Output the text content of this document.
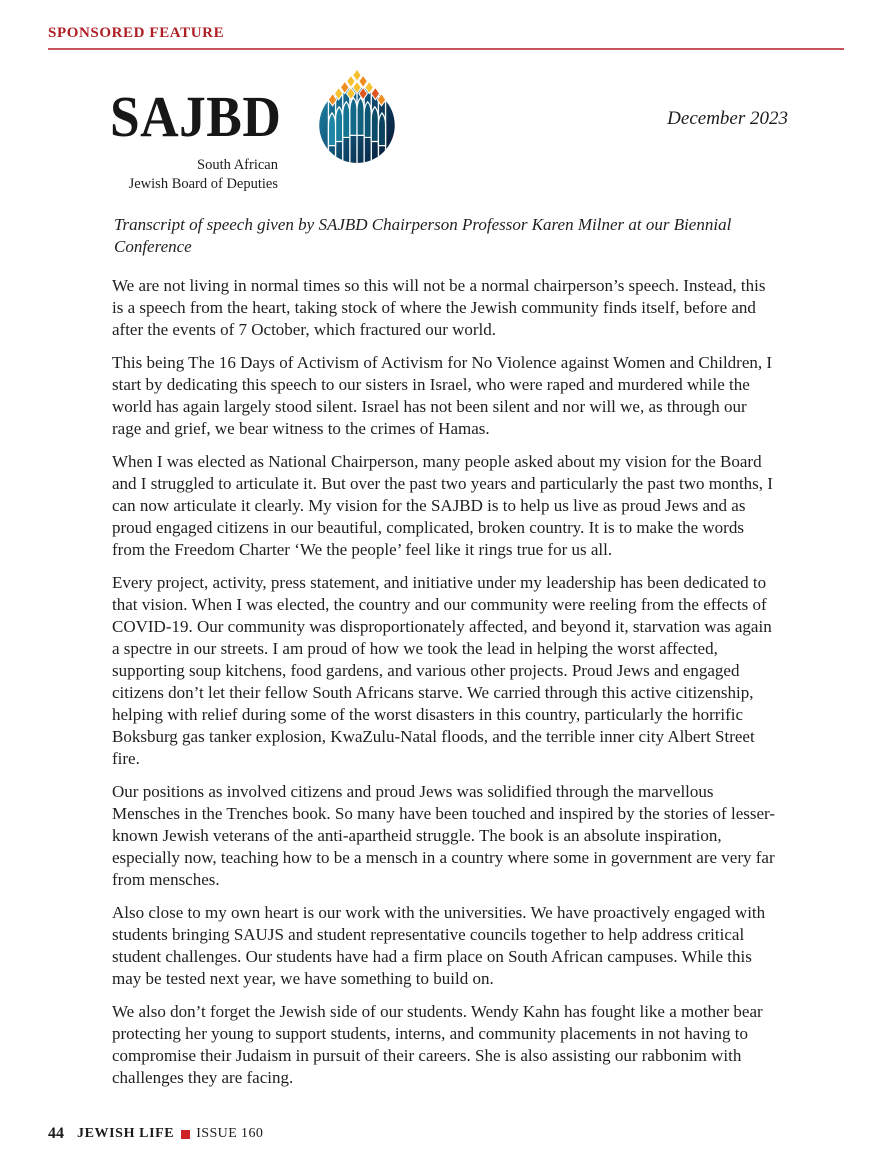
SPONSORED FEATURE
SAJBD
South African
Jewish Board of Deputies
December 2023

Transcript of speech given by SAJBD Chairperson Professor Karen Milner at our Biennial Conference

We are not living in normal times so this will not be a normal chairperson’s speech. Instead, this is a speech from the heart, taking stock of where the Jewish community finds itself, before and after the events of 7 October, which fractured our world.

This being The 16 Days of Activism of Activism for No Violence against Women and Children, I start by dedicating this speech to our sisters in Israel, who were raped and murdered while the world has again largely stood silent. Israel has not been silent and nor will we, as through our rage and grief, we bear witness to the crimes of Hamas.

When I was elected as National Chairperson, many people asked about my vision for the Board and I struggled to articulate it. But over the past two years and particularly the past two months, I can now articulate it clearly. My vision for the SAJBD is to help us live as proud Jews and as proud engaged citizens in our beautiful, complicated, broken country. It is to make the words from the Freedom Charter ‘We the people’ feel like it rings true for us all.

Every project, activity, press statement, and initiative under my leadership has been dedicated to that vision. When I was elected, the country and our community were reeling from the effects of COVID-19. Our community was disproportionately affected, and beyond it, starvation was again a spectre in our streets. I am proud of how we took the lead in helping the worst affected, supporting soup kitchens, food gardens, and various other projects. Proud Jews and engaged citizens don’t let their fellow South Africans starve. We carried through this active citizenship, helping with relief during some of the worst disasters in this country, particularly the horrific Boksburg gas tanker explosion, KwaZulu-Natal floods, and the terrible inner city Albert Street fire.

Our positions as involved citizens and proud Jews was solidified through the marvellous Mensches in the Trenches book. So many have been touched and inspired by the stories of lesser-known Jewish veterans of the anti-apartheid struggle. The book is an absolute inspiration, especially now, teaching how to be a mensch in a country where some in government are very far from mensches.

Also close to my own heart is our work with the universities. We have proactively engaged with students bringing SAUJS and student representative councils together to help address critical student challenges. Our students have had a firm place on South African campuses. While this may be tested next year, we have something to build on.

We also don’t forget the Jewish side of our students. Wendy Kahn has fought like a mother bear protecting her young to support students, interns, and community placements in not having to compromise their Judaism in pursuit of their careers. She is also assisting our rabbonim with challenges they are facing.

44 JEWISH LIFE ISSUE 160
